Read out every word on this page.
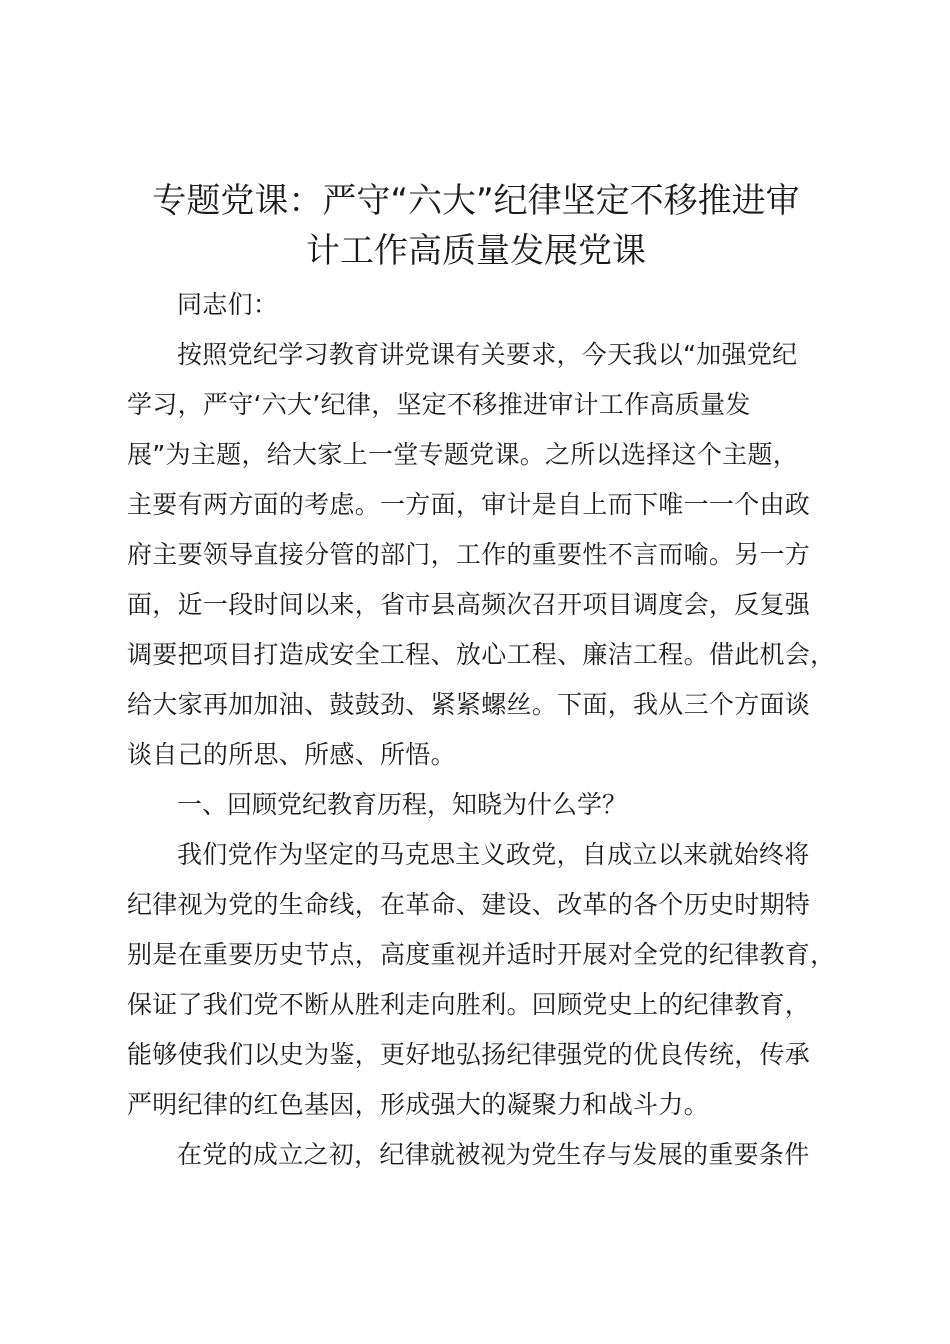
专题党课：严守“六大”纪律坚定不移推进审
计工作高质量发展党课

同志们：

按照党纪学习教育讲党课有关要求，今天我以“加强党纪
学习，严守‘六大’纪律，坚定不移推进审计工作高质量发
展”为主题，给大家上一堂专题党课。之所以选择这个主题，
主要有两方面的考虑。一方面，审计是自上而下唯一一个由政
府主要领导直接分管的部门，工作的重要性不言而喻。另一方
面，近一段时间以来，省市县高频次召开项目调度会，反复强
调要把项目打造成安全工程、放心工程、廉洁工程。借此机会，
给大家再加加油、鼓鼓劲、紧紧螺丝。下面，我从三个方面谈
谈自己的所思、所感、所悟。

一、回顾党纪教育历程，知晓为什么学？

我们党作为坚定的马克思主义政党，自成立以来就始终将
纪律视为党的生命线，在革命、建设、改革的各个历史时期特
别是在重要历史节点，高度重视并适时开展对全党的纪律教育，
保证了我们党不断从胜利走向胜利。回顾党史上的纪律教育，
能够使我们以史为鉴，更好地弘扬纪律强党的优良传统，传承
严明纪律的红色基因，形成强大的凝聚力和战斗力。
在党的成立之初，纪律就被视为党生存与发展的重要条件
